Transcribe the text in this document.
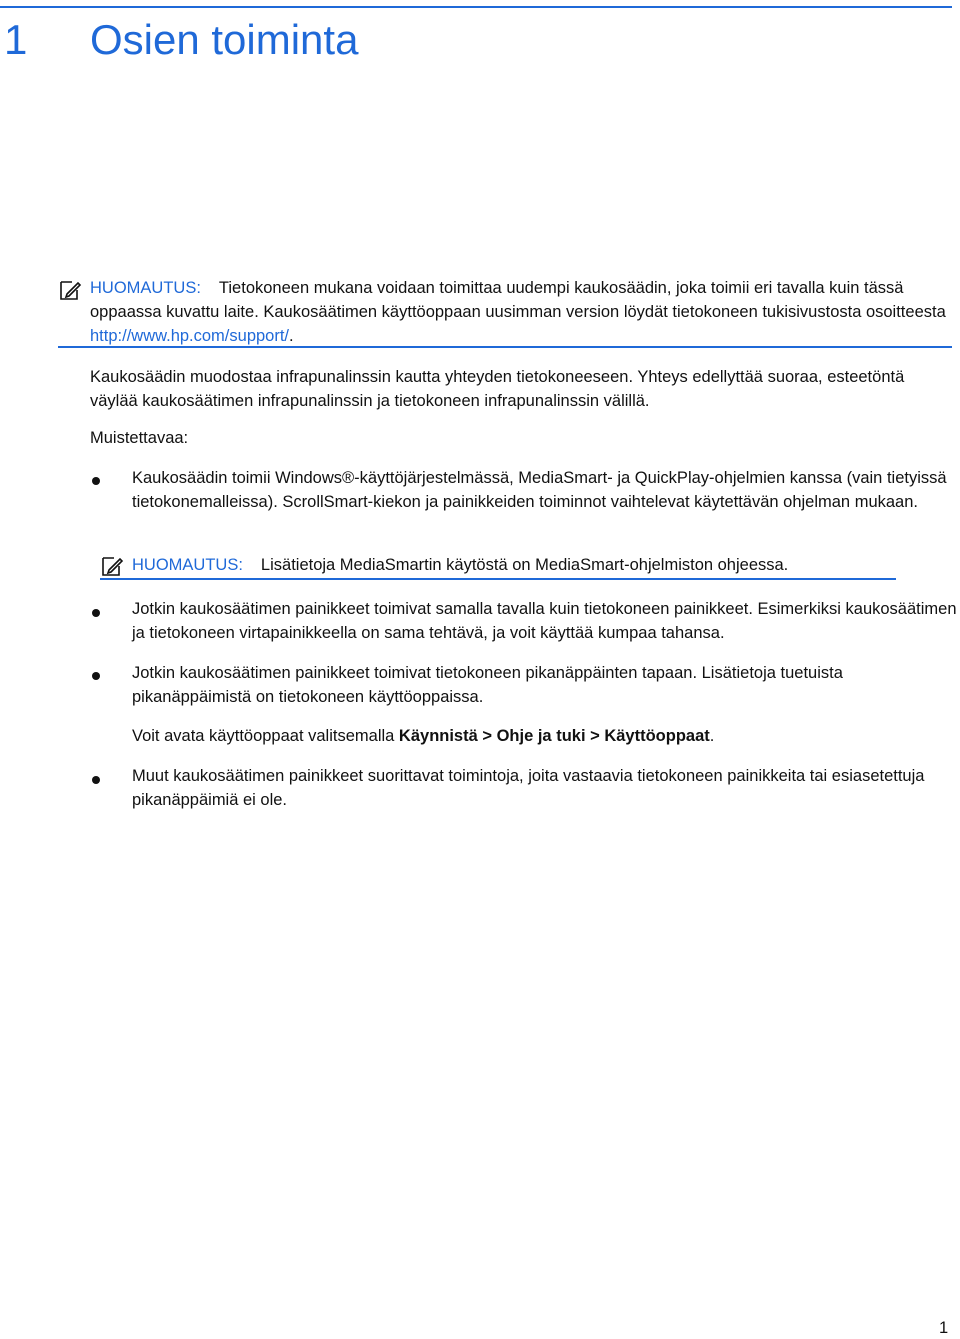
1 Osien toiminta
HUOMAUTUS: Tietokoneen mukana voidaan toimittaa uudempi kaukosäädin, joka toimii eri tavalla kuin tässä oppaassa kuvattu laite. Kaukosäätimen käyttöoppaan uusimman version löydät tietokoneen tukisivustosta osoitteesta http://www.hp.com/support/.

Kaukosäädin muodostaa infrapunalinssin kautta yhteyden tietokoneeseen. Yhteys edellyttää suoraa, esteetöntä väylää kaukosäätimen infrapunalinssin ja tietokoneen infrapunalinssin välillä.

Muistettavaa:

Kaukosäädin toimii Windows®-käyttöjärjestelmässä, MediaSmart- ja QuickPlay-ohjelmien kanssa (vain tietyissä tietokonemalleissa). ScrollSmart-kiekon ja painikkeiden toiminnot vaihtelevat käytettävän ohjelman mukaan.

HUOMAUTUS: Lisätietoja MediaSmartin käytöstä on MediaSmart-ohjelmiston ohjeessa.

Jotkin kaukosäätimen painikkeet toimivat samalla tavalla kuin tietokoneen painikkeet. Esimerkiksi kaukosäätimen ja tietokoneen virtapainikkeella on sama tehtävä, ja voit käyttää kumpaa tahansa.

Jotkin kaukosäätimen painikkeet toimivat tietokoneen pikanäppäinten tapaan. Lisätietoja tuetuista pikanäppäimistä on tietokoneen käyttöoppaissa.

Voit avata käyttöoppaat valitsemalla Käynnistä > Ohje ja tuki > Käyttöoppaat.

Muut kaukosäätimen painikkeet suorittavat toimintoja, joita vastaavia tietokoneen painikkeita tai esiasetettuja pikanäppäimiä ei ole.

1
